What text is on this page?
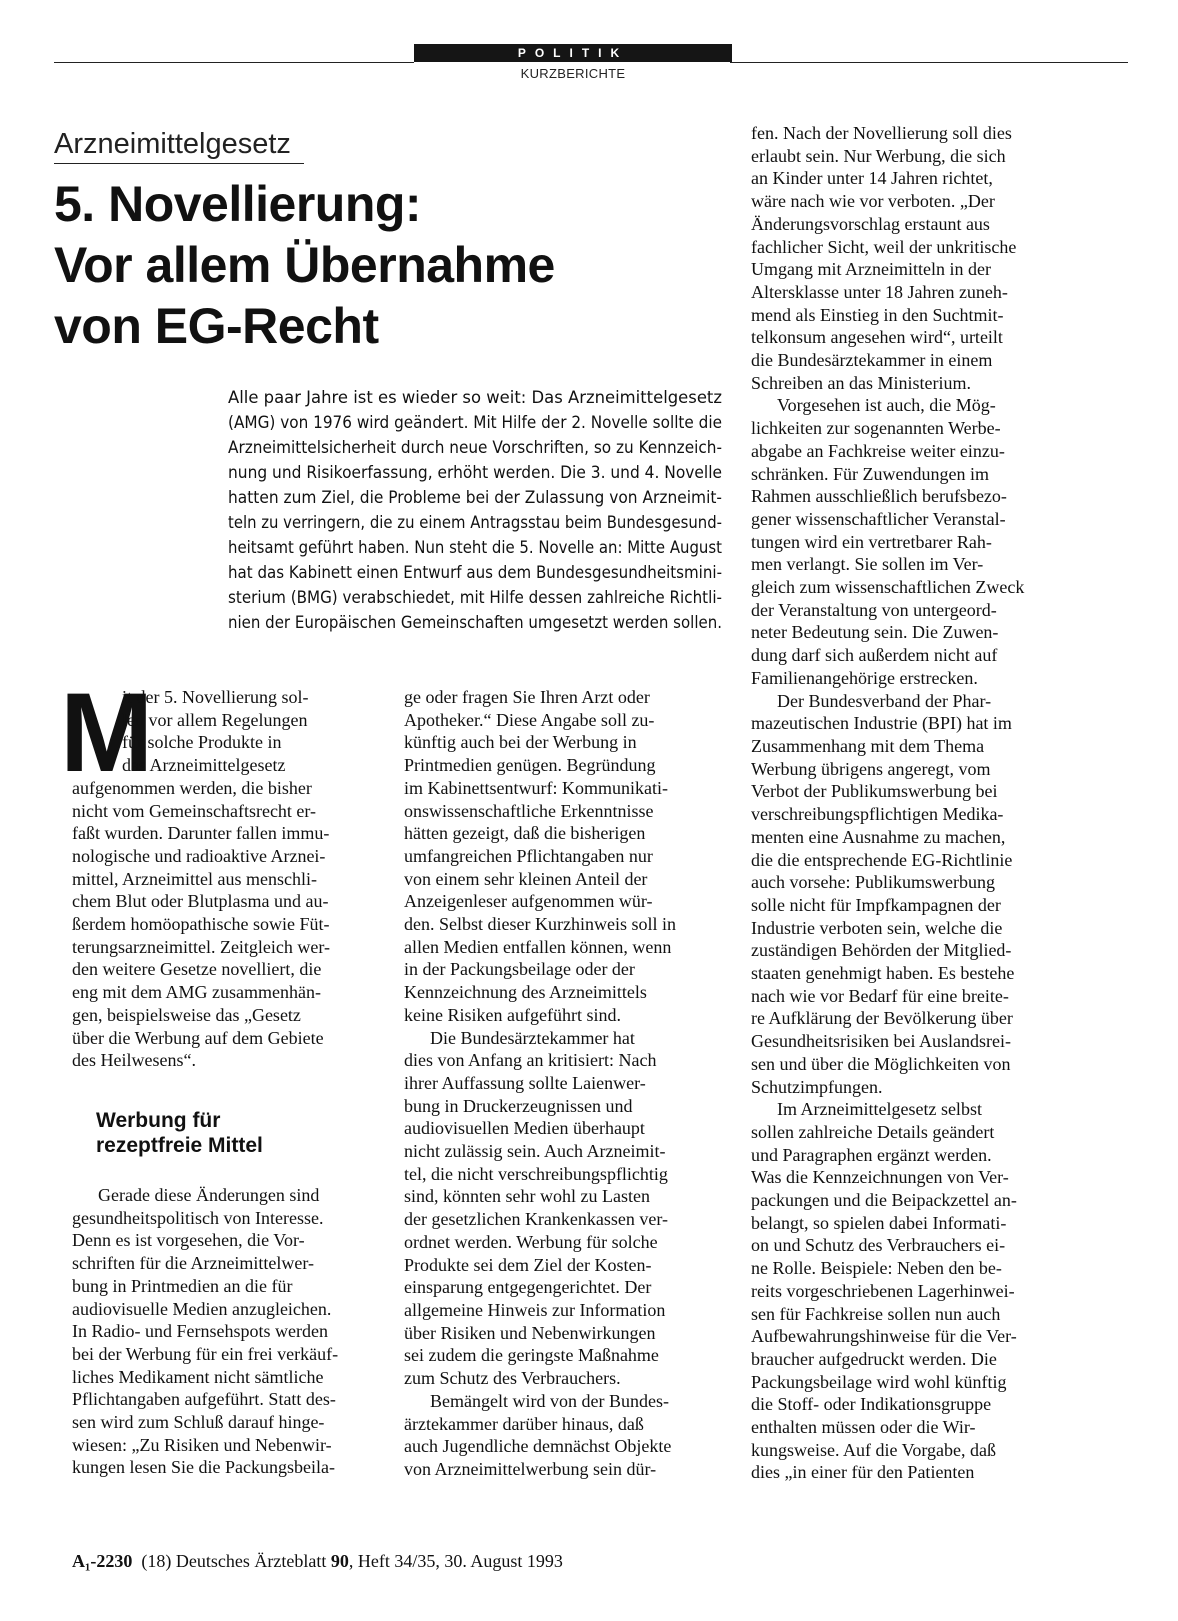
POLITIK
KURZBERICHTE
Arzneimittelgesetz
5. Novellierung:
Vor allem Übernahme
von EG-Recht
Alle paar Jahre ist es wieder so weit: Das Arzneimittelgesetz
(AMG) von 1976 wird geändert. Mit Hilfe der 2. Novelle sollte die
Arzneimittelsicherheit durch neue Vorschriften, so zu Kennzeich-
nung und Risikoerfassung, erhöht werden. Die 3. und 4. Novelle
hatten zum Ziel, die Probleme bei der Zulassung von Arzneimit-
teln zu verringern, die zu einem Antragsstau beim Bundesgesund-
heitsamt geführt haben. Nun steht die 5. Novelle an: Mitte August
hat das Kabinett einen Entwurf aus dem Bundesgesundheitsmini-
sterium (BMG) verabschiedet, mit Hilfe dessen zahlreiche Richtli-
nien der Europäischen Gemeinschaften umgesetzt werden sollen.
M
it der 5. Novellierung sol-
len vor allem Regelungen
für solche Produkte in
das Arzneimittelgesetz
aufgenommen werden, die bisher
nicht vom Gemeinschaftsrecht er-
faßt wurden. Darunter fallen immu-
nologische und radioaktive Arznei-
mittel, Arzneimittel aus menschli-
chem Blut oder Blutplasma und au-
ßerdem homöopathische sowie Füt-
terungsarzneimittel. Zeitgleich wer-
den weitere Gesetze novelliert, die
eng mit dem AMG zusammenhän-
gen, beispielsweise das „Gesetz
über die Werbung auf dem Gebiete
des Heilwesens“.
Werbung für
rezeptfreie Mittel
Gerade diese Änderungen sind
gesundheitspolitisch von Interesse.
Denn es ist vorgesehen, die Vor-
schriften für die Arzneimittelwer-
bung in Printmedien an die für
audiovisuelle Medien anzugleichen.
In Radio- und Fernsehspots werden
bei der Werbung für ein frei verkäuf-
liches Medikament nicht sämtliche
Pflichtangaben aufgeführt. Statt des-
sen wird zum Schluß darauf hinge-
wiesen: „Zu Risiken und Nebenwir-
kungen lesen Sie die Packungsbeila-
ge oder fragen Sie Ihren Arzt oder
Apotheker.“ Diese Angabe soll zu-
künftig auch bei der Werbung in
Printmedien genügen. Begründung
im Kabinettsentwurf: Kommunikati-
onswissenschaftliche Erkenntnisse
hätten gezeigt, daß die bisherigen
umfangreichen Pflichtangaben nur
von einem sehr kleinen Anteil der
Anzeigenleser aufgenommen wür-
den. Selbst dieser Kurzhinweis soll in
allen Medien entfallen können, wenn
in der Packungsbeilage oder der
Kennzeichnung des Arzneimittels
keine Risiken aufgeführt sind.
Die Bundesärztekammer hat
dies von Anfang an kritisiert: Nach
ihrer Auffassung sollte Laienwer-
bung in Druckerzeugnissen und
audiovisuellen Medien überhaupt
nicht zulässig sein. Auch Arzneimit-
tel, die nicht verschreibungspflichtig
sind, könnten sehr wohl zu Lasten
der gesetzlichen Krankenkassen ver-
ordnet werden. Werbung für solche
Produkte sei dem Ziel der Kosten-
einsparung entgegengerichtet. Der
allgemeine Hinweis zur Information
über Risiken und Nebenwirkungen
sei zudem die geringste Maßnahme
zum Schutz des Verbrauchers.
Bemängelt wird von der Bundes-
ärztekammer darüber hinaus, daß
auch Jugendliche demnächst Objekte
von Arzneimittelwerbung sein dür-
fen. Nach der Novellierung soll dies
erlaubt sein. Nur Werbung, die sich
an Kinder unter 14 Jahren richtet,
wäre nach wie vor verboten. „Der
Änderungsvorschlag erstaunt aus
fachlicher Sicht, weil der unkritische
Umgang mit Arzneimitteln in der
Altersklasse unter 18 Jahren zuneh-
mend als Einstieg in den Suchtmit-
telkonsum angesehen wird“, urteilt
die Bundesärztekammer in einem
Schreiben an das Ministerium.
Vorgesehen ist auch, die Mög-
lichkeiten zur sogenannten Werbe-
abgabe an Fachkreise weiter einzu-
schränken. Für Zuwendungen im
Rahmen ausschließlich berufsbezo-
gener wissenschaftlicher Veranstal-
tungen wird ein vertretbarer Rah-
men verlangt. Sie sollen im Ver-
gleich zum wissenschaftlichen Zweck
der Veranstaltung von untergeord-
neter Bedeutung sein. Die Zuwen-
dung darf sich außerdem nicht auf
Familienangehörige erstrecken.
Der Bundesverband der Phar-
mazeutischen Industrie (BPI) hat im
Zusammenhang mit dem Thema
Werbung übrigens angeregt, vom
Verbot der Publikumswerbung bei
verschreibungspflichtigen Medika-
menten eine Ausnahme zu machen,
die die entsprechende EG-Richtlinie
auch vorsehe: Publikumswerbung
solle nicht für Impfkampagnen der
Industrie verboten sein, welche die
zuständigen Behörden der Mitglied-
staaten genehmigt haben. Es bestehe
nach wie vor Bedarf für eine breite-
re Aufklärung der Bevölkerung über
Gesundheitsrisiken bei Auslandsrei-
sen und über die Möglichkeiten von
Schutzimpfungen.
Im Arzneimittelgesetz selbst
sollen zahlreiche Details geändert
und Paragraphen ergänzt werden.
Was die Kennzeichnungen von Ver-
packungen und die Beipackzettel an-
belangt, so spielen dabei Informati-
on und Schutz des Verbrauchers ei-
ne Rolle. Beispiele: Neben den be-
reits vorgeschriebenen Lagerhinwei-
sen für Fachkreise sollen nun auch
Aufbewahrungshinweise für die Ver-
braucher aufgedruckt werden. Die
Packungsbeilage wird wohl künftig
die Stoff- oder Indikationsgruppe
enthalten müssen oder die Wir-
kungsweise. Auf die Vorgabe, daß
dies „in einer für den Patienten
A₁-2230 (18) Deutsches Ärzteblatt 90, Heft 34/35, 30. August 1993
